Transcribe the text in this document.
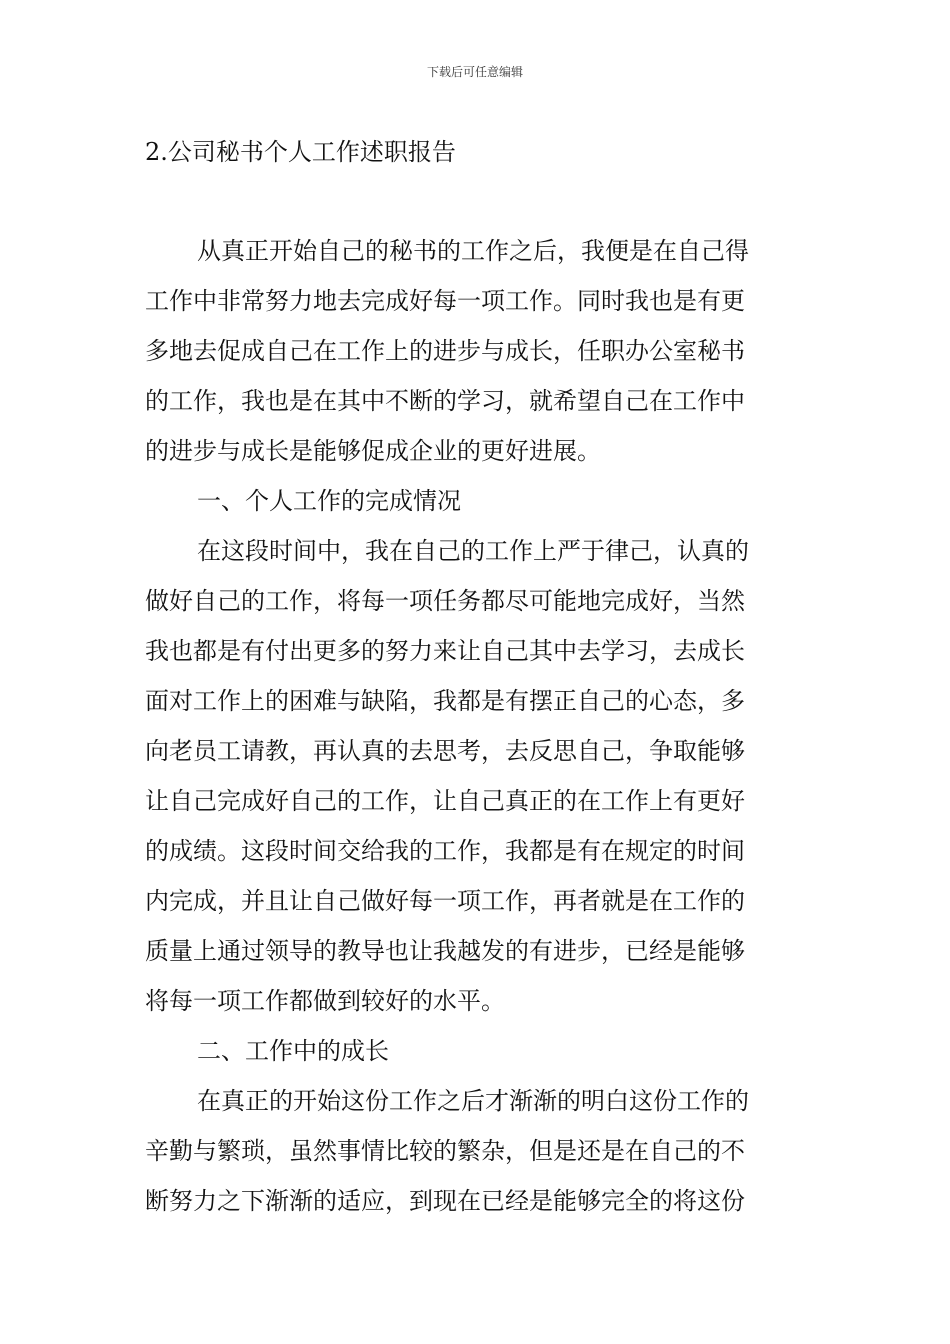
下载后可任意编辑
2.公司秘书个人工作述职报告
从真正开始自己的秘书的工作之后，我便是在自己得
工作中非常努力地去完成好每一项工作。同时我也是有更
多地去促成自己在工作上的进步与成长，任职办公室秘书
的工作，我也是在其中不断的学习，就希望自己在工作中
的进步与成长是能够促成企业的更好进展。
一、个人工作的完成情况
在这段时间中，我在自己的工作上严于律己，认真的
做好自己的工作，将每一项任务都尽可能地完成好，当然
我也都是有付出更多的努力来让自己其中去学习，去成长
面对工作上的困难与缺陷，我都是有摆正自己的心态，多
向老员工请教，再认真的去思考，去反思自己，争取能够
让自己完成好自己的工作，让自己真正的在工作上有更好
的成绩。这段时间交给我的工作，我都是有在规定的时间
内完成，并且让自己做好每一项工作，再者就是在工作的
质量上通过领导的教导也让我越发的有进步，已经是能够
将每一项工作都做到较好的水平。
二、工作中的成长
在真正的开始这份工作之后才渐渐的明白这份工作的
辛勤与繁琐，虽然事情比较的繁杂，但是还是在自己的不
断努力之下渐渐的适应，到现在已经是能够完全的将这份
